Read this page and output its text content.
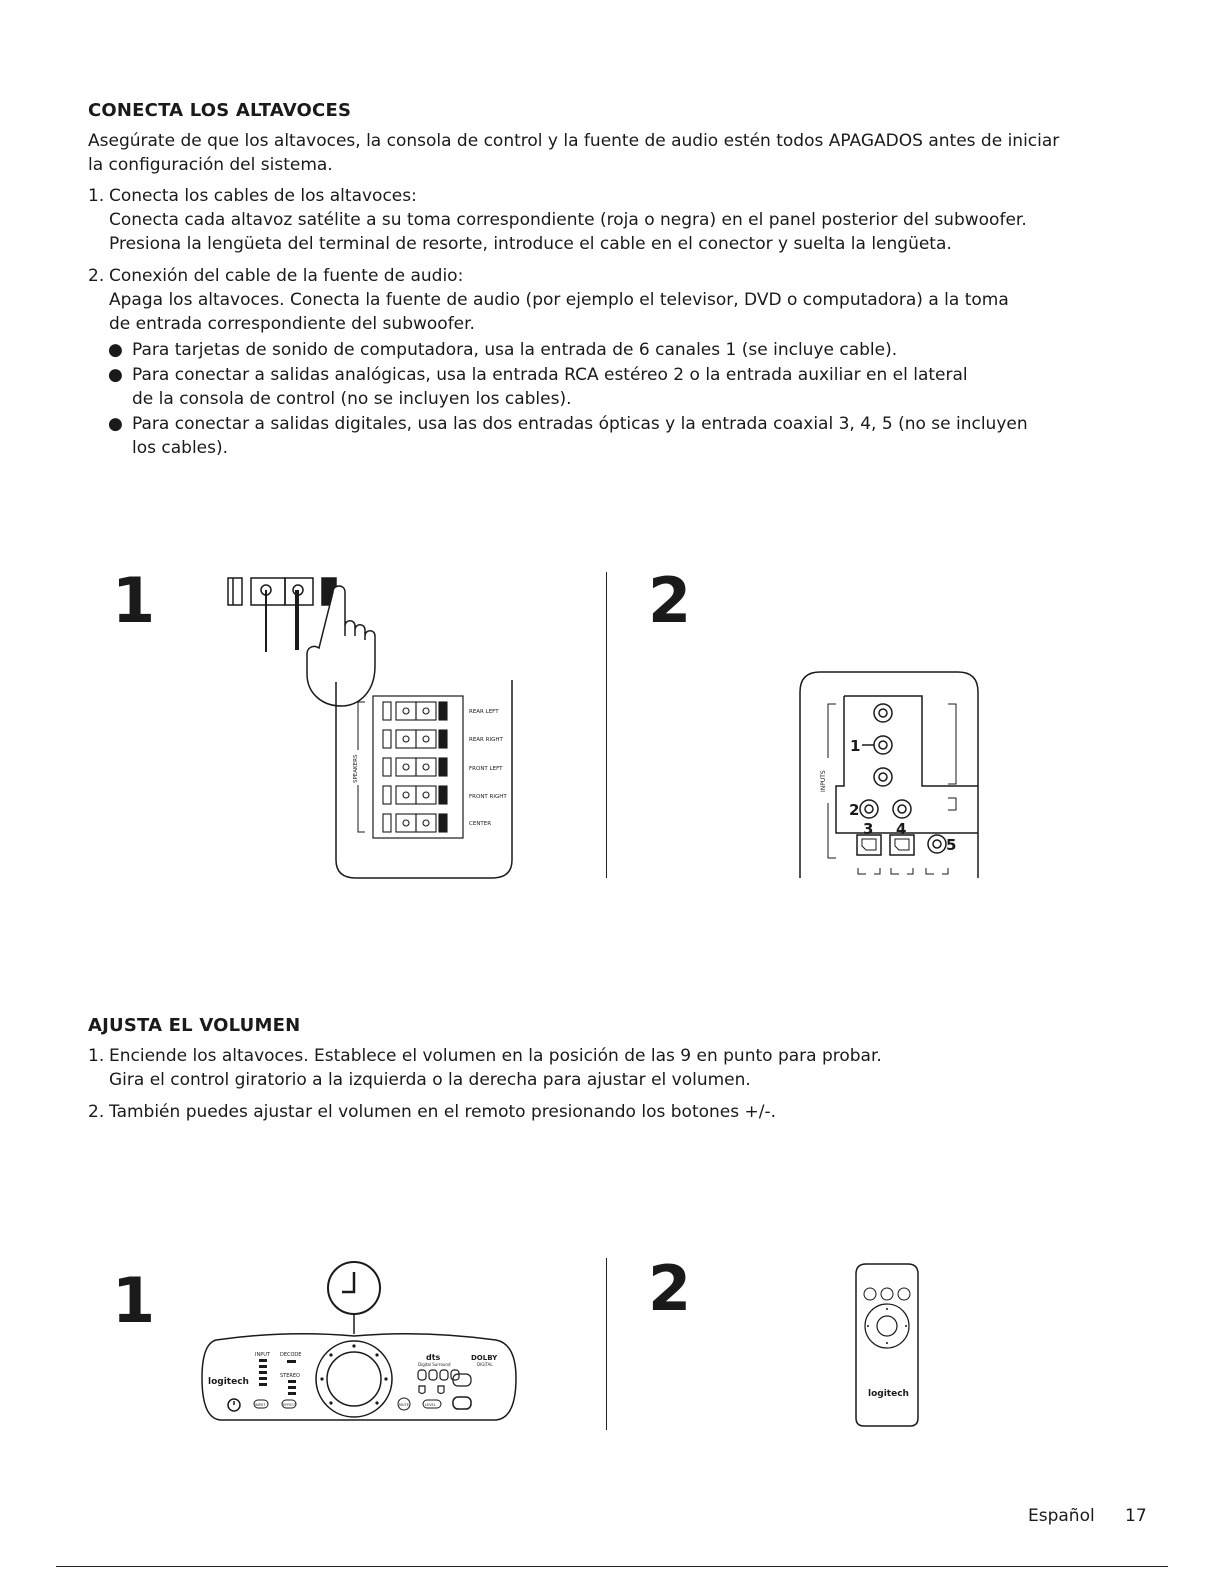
CONECTA LOS ALTAVOCES

Asegúrate de que los altavoces, la consola de control y la fuente de audio estén todos APAGADOS antes de iniciar la configuración del sistema.

1. Conecta los cables de los altavoces:
Conecta cada altavoz satélite a su toma correspondiente (roja o negra) en el panel posterior del subwoofer.
Presiona la lengüeta del terminal de resorte, introduce el cable en el conector y suelta la lengüeta.
2. Conexión del cable de la fuente de audio:
Apaga los altavoces. Conecta la fuente de audio (por ejemplo el televisor, DVD o computadora) a la toma de entrada correspondiente del subwoofer.
● Para tarjetas de sonido de computadora, usa la entrada de 6 canales 1 (se incluye cable).
● Para conectar a salidas analógicas, usa la entrada RCA estéreo 2 o la entrada auxiliar en el lateral de la consola de control (no se incluyen los cables).
● Para conectar a salidas digitales, usa las dos entradas ópticas y la entrada coaxial 3, 4, 5 (no se incluyen los cables).
1	2
SPEAKERS
REAR LEFT
REAR RIGHT
FRONT LEFT
FRONT RIGHT
CENTER
INPUTS
1
2
3 4
5
AJUSTA EL VOLUMEN
1. Enciende los altavoces. Establece el volumen en la posición de las 9 en punto para probar.
Gira el control giratorio a la izquierda o la derecha para ajustar el volumen.
2. También puedes ajustar el volumen en el remoto presionando los botones +/-.
1	2
logitech
INPUT DECODE
STEREO
dts
Digital Surround
DOLBY
DIGITAL
INPUT	EFFECT	MUTE	LEVEL
logitech
Español 17
